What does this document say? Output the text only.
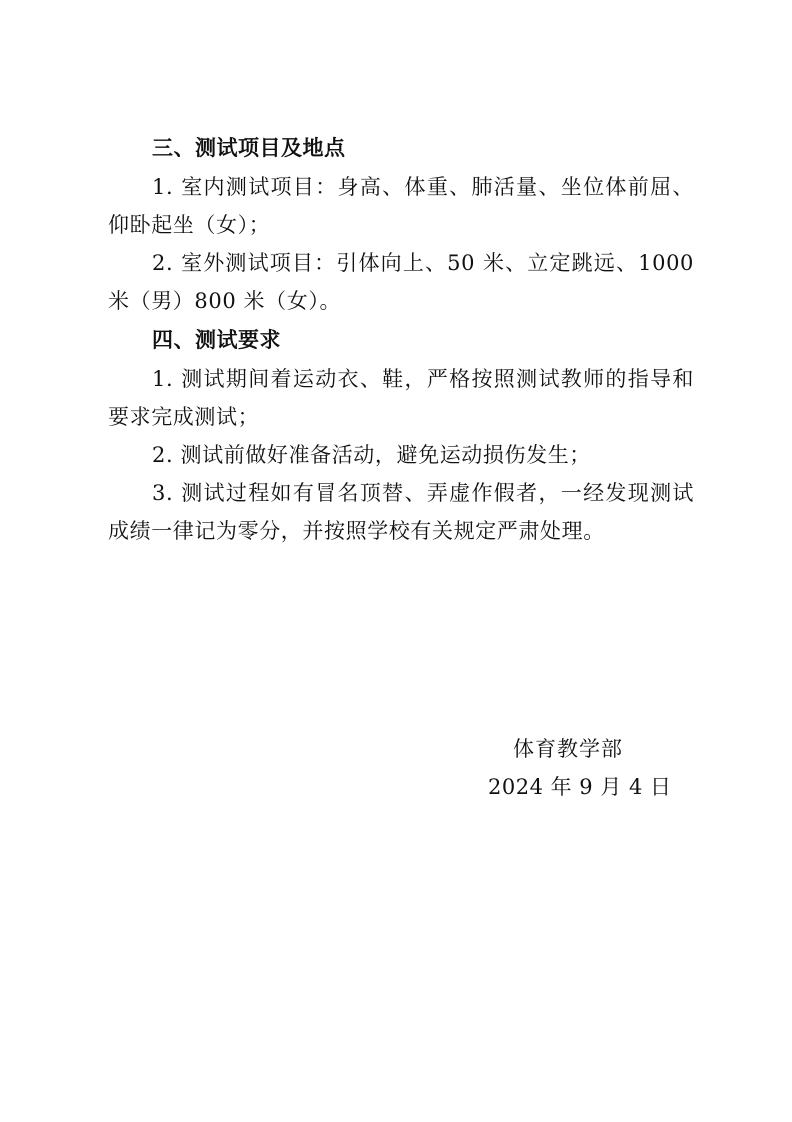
三、测试项目及地点

1. 室内测试项目：身高、体重、肺活量、坐位体前屈、仰卧起坐（女）；

2. 室外测试项目：引体向上、50 米、立定跳远、1000 米（男）800 米（女）。

四、测试要求

1. 测试期间着运动衣、鞋，严格按照测试教师的指导和要求完成测试；

2. 测试前做好准备活动，避免运动损伤发生；

3. 测试过程如有冒名顶替、弄虚作假者，一经发现测试成绩一律记为零分，并按照学校有关规定严肃处理。

体育教学部

2024 年 9 月 4 日
